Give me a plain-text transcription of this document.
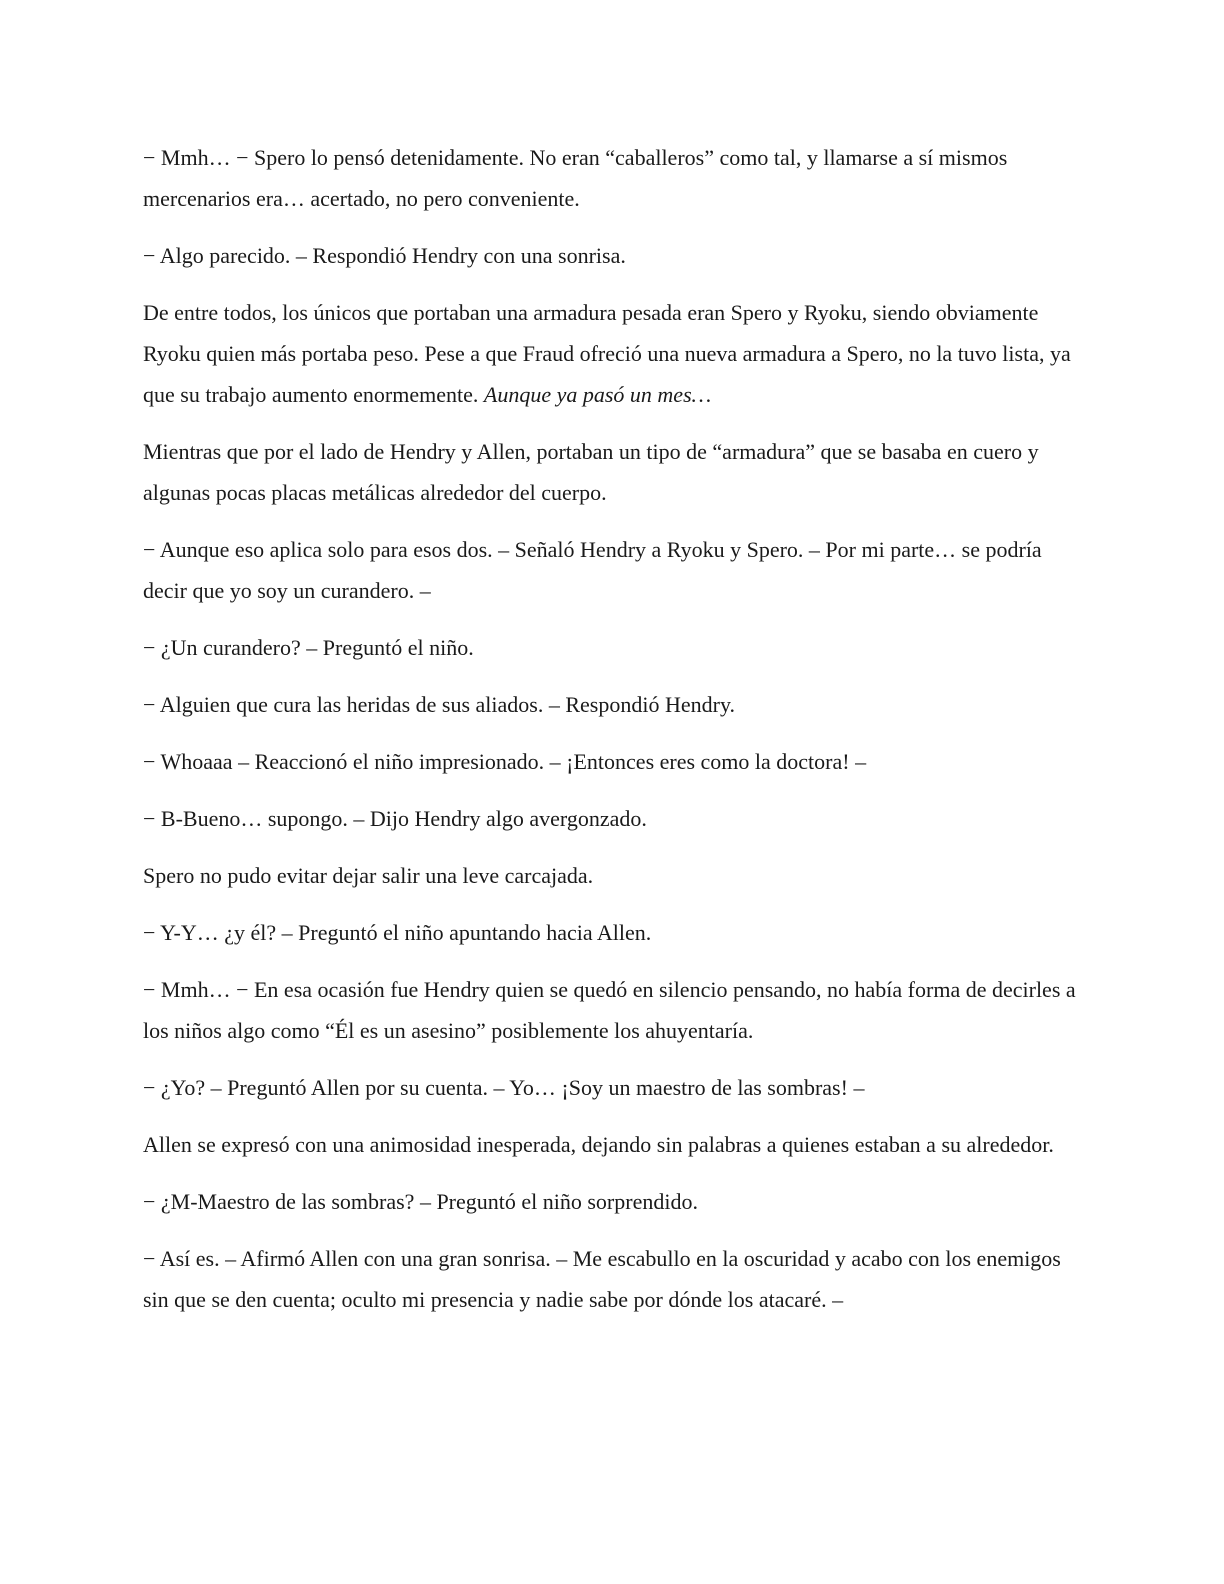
− Mmh… − Spero lo pensó detenidamente. No eran “caballeros” como tal, y llamarse a sí mismos mercenarios era… acertado, no pero conveniente.

− Algo parecido. – Respondió Hendry con una sonrisa.

De entre todos, los únicos que portaban una armadura pesada eran Spero y Ryoku, siendo obviamente Ryoku quien más portaba peso. Pese a que Fraud ofreció una nueva armadura a Spero, no la tuvo lista, ya que su trabajo aumento enormemente. Aunque ya pasó un mes…

Mientras que por el lado de Hendry y Allen, portaban un tipo de “armadura” que se basaba en cuero y algunas pocas placas metálicas alrededor del cuerpo.

− Aunque eso aplica solo para esos dos. – Señaló Hendry a Ryoku y Spero. – Por mi parte… se podría decir que yo soy un curandero. –

− ¿Un curandero? – Preguntó el niño.

− Alguien que cura las heridas de sus aliados. – Respondió Hendry.

− Whoaaa – Reaccionó el niño impresionado. – ¡Entonces eres como la doctora! –

− B-Bueno… supongo. – Dijo Hendry algo avergonzado.

Spero no pudo evitar dejar salir una leve carcajada.

− Y-Y… ¿y él? – Preguntó el niño apuntando hacia Allen.

− Mmh… − En esa ocasión fue Hendry quien se quedó en silencio pensando, no había forma de decirles a los niños algo como “Él es un asesino” posiblemente los ahuyentaría.

− ¿Yo? – Preguntó Allen por su cuenta. – Yo… ¡Soy un maestro de las sombras! –

Allen se expresó con una animosidad inesperada, dejando sin palabras a quienes estaban a su alrededor.

− ¿M-Maestro de las sombras? – Preguntó el niño sorprendido.

− Así es. – Afirmó Allen con una gran sonrisa. – Me escabullo en la oscuridad y acabo con los enemigos sin que se den cuenta; oculto mi presencia y nadie sabe por dónde los atacaré. –
